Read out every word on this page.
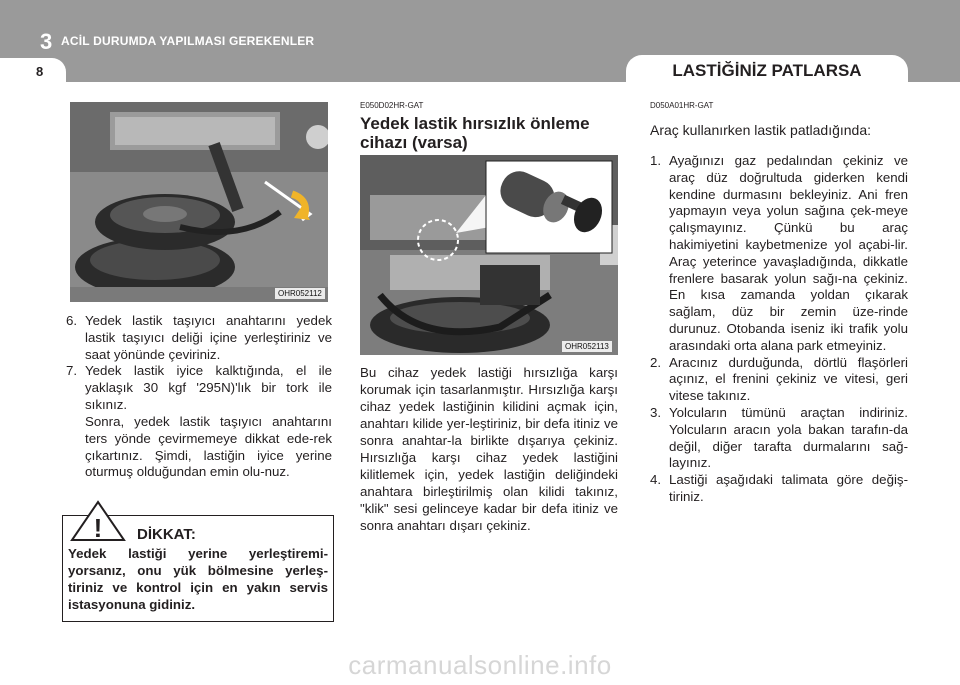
3 ACİL DURUMDA YAPILMASI GEREKENLER
8	LASTİĞİNİZ PATLARSA
OHR052112
6. Yedek lastik taşıyıcı anahtarını yedek lastik taşıyıcı deliği içine yerleştiriniz ve saat yönünde çeviriniz.
7. Yedek lastik iyice kalktığında, el ile yaklaşık 30 kgf '295N)'lık bir tork ile sıkınız.
Sonra, yedek lastik taşıyıcı anahtarını ters yönde çevirmemeye dikkat ede-rek çıkartınız. Şimdi, lastiğin iyice yerine oturmuş olduğundan emin olu-nuz.
! DİKKAT:
Yedek lastiği yerine yerleştiremi-yorsanız, onu yük bölmesine yerleş-tiriniz ve kontrol için en yakın servis istasyonuna gidiniz.
E050D02HR-GAT
Yedek lastik hırsızlık önleme cihazı (varsa)
OHR052113
Bu cihaz yedek lastiği hırsızlığa karşı korumak için tasarlanmıştır. Hırsızlığa karşı cihaz yedek lastiğinin kilidini açmak için, anahtarı kilide yer-leştiriniz, bir defa itiniz ve sonra anahtar-la birlikte dışarıya çekiniz. Hırsızlığa karşı cihaz yedek lastiğini kilitlemek için, yedek lastiğin deliğindeki anahtara birleştirilmiş olan kilidi takınız, "klik" sesi gelinceye kadar bir defa itiniz ve sonra anahtarı dışarı çekiniz.
D050A01HR-GAT
Araç kullanırken lastik patladığında:
1. Ayağınızı gaz pedalından çekiniz ve araç düz doğrultuda giderken kendi kendine durmasını bekleyiniz. Ani fren yapmayın veya yolun sağına çek-meye çalışmayınız. Çünkü bu araç hakimiyetini kaybetmenize yol açabi-lir. Araç yeterince yavaşladığında, dikkatle frenlere basarak yolun sağı-na çekiniz. En kısa zamanda yoldan çıkarak sağlam, düz bir zemin üze-rinde durunuz. Otobanda iseniz iki trafik yolu arasındaki orta alana park etmeyiniz.
2. Aracınız durduğunda, dörtlü flaşörleri açınız, el frenini çekiniz ve vitesi, geri vitese takınız.
3. Yolcuların tümünü araçtan indiriniz. Yolcuların aracın yola bakan tarafın-da değil, diğer tarafta durmalarını sağ-layınız.
4. Lastiği aşağıdaki talimata göre değiş-tiriniz.
carmanualsonline.info
